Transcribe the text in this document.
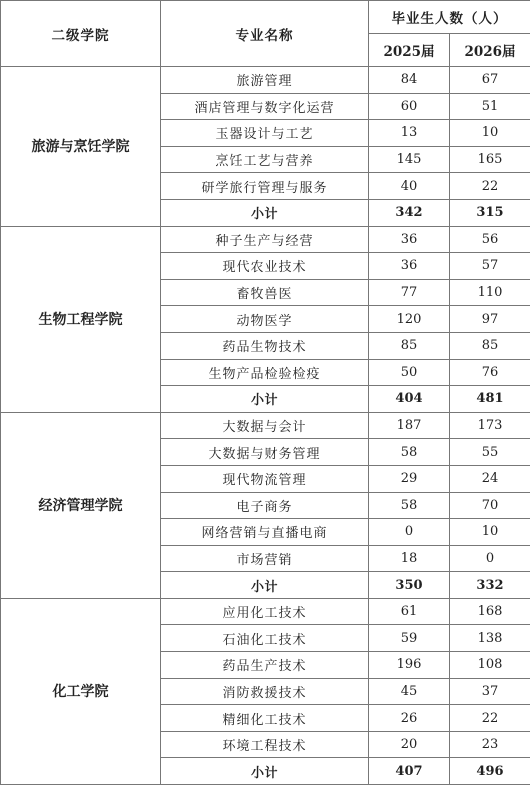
二级学院	专业名称	毕业生人数（人）	
		2025届	2026届
旅游与烹饪学院	旅游管理	84	67
	酒店管理与数字化运营	60	51
	玉器设计与工艺	13	10
	烹饪工艺与营养	145	165
	研学旅行管理与服务	40	22
	小计	342	315
生物工程学院	种子生产与经营	36	56
	现代农业技术	36	57
	畜牧兽医	77	110
	动物医学	120	97
	药品生物技术	85	85
	生物产品检验检疫	50	76
	小计	404	481
经济管理学院	大数据与会计	187	173
	大数据与财务管理	58	55
	现代物流管理	29	24
	电子商务	58	70
	网络营销与直播电商	0	10
	市场营销	18	0
	小计	350	332
化工学院	应用化工技术	61	168
	石油化工技术	59	138
	药品生产技术	196	108
	消防救援技术	45	37
	精细化工技术	26	22
	环境工程技术	20	23
	小计	407	496
